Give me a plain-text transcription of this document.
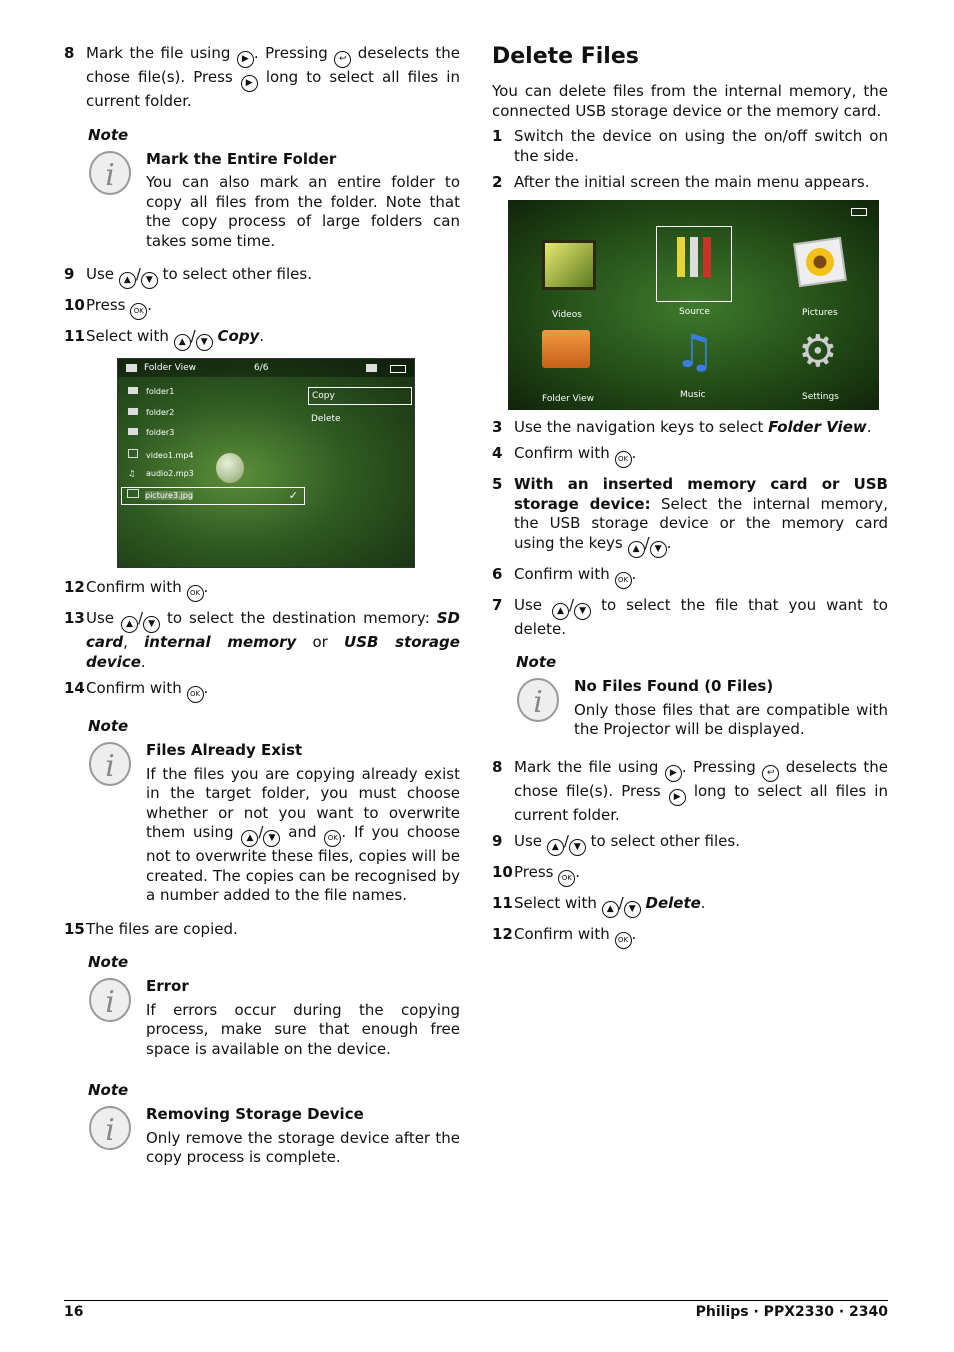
8 Mark the file using ▶ . Pressing ↩ deselects the chose file(s). Press ▶ long to select all files in current folder.
Note
i Mark the Entire Folder
You can also mark an entire folder to copy all files from the folder. Note that the copy process of large folders can takes some time.
9 Use ▲ / ▼ to select other files.
10 Press OK .
11 Select with ▲ / ▼ Copy.
Folder View	6/6
folder1
folder2
folder3
video1.mp4
♫ audio2.mp3
picture3.jpg	✓
Copy
Delete
12 Confirm with OK .
13 Use ▲ / ▼ to select the destination memory: SD card, internal memory or USB storage device.
14 Confirm with OK .
Note
i Files Already Exist
If the files you are copying already exist in the target folder, you must choose whether or not you want to overwrite them using ▲ / ▼ and OK . If you choose not to overwrite these files, copies will be created. The copies can be recognised by a number added to the file names.
15 The files are copied.
Note
i Error
If errors occur during the copying process, make sure that enough free space is available on the device.
Note
i Removing Storage Device
Only remove the storage device after the copy process is complete.
Delete Files
You can delete files from the internal memory, the connected USB storage device or the memory card.
1 Switch the device on using the on/off switch on the side.
2 After the initial screen the main menu appears.
Videos	Source	Pictures
Folder View
♫
Music
⚙
Settings
3 Use the navigation keys to select Folder View.
4 Confirm with OK .
5 With an inserted memory card or USB storage device: Select the internal memory, the USB storage device or the memory card using the keys ▲ / ▼ .
6 Confirm with OK .
7 Use ▲ / ▼ to select the file that you want to delete.
Note
i No Files Found (0 Files)
Only those files that are compatible with the Projector will be displayed.
8 Mark the file using ▶ . Pressing ↩ deselects the chose file(s). Press ▶ long to select all files in current folder.
9 Use ▲ / ▼ to select other files.
10 Press OK .
11 Select with ▲ / ▼ Delete.
12 Confirm with OK .
16	Philips · PPX2330 · 2340
